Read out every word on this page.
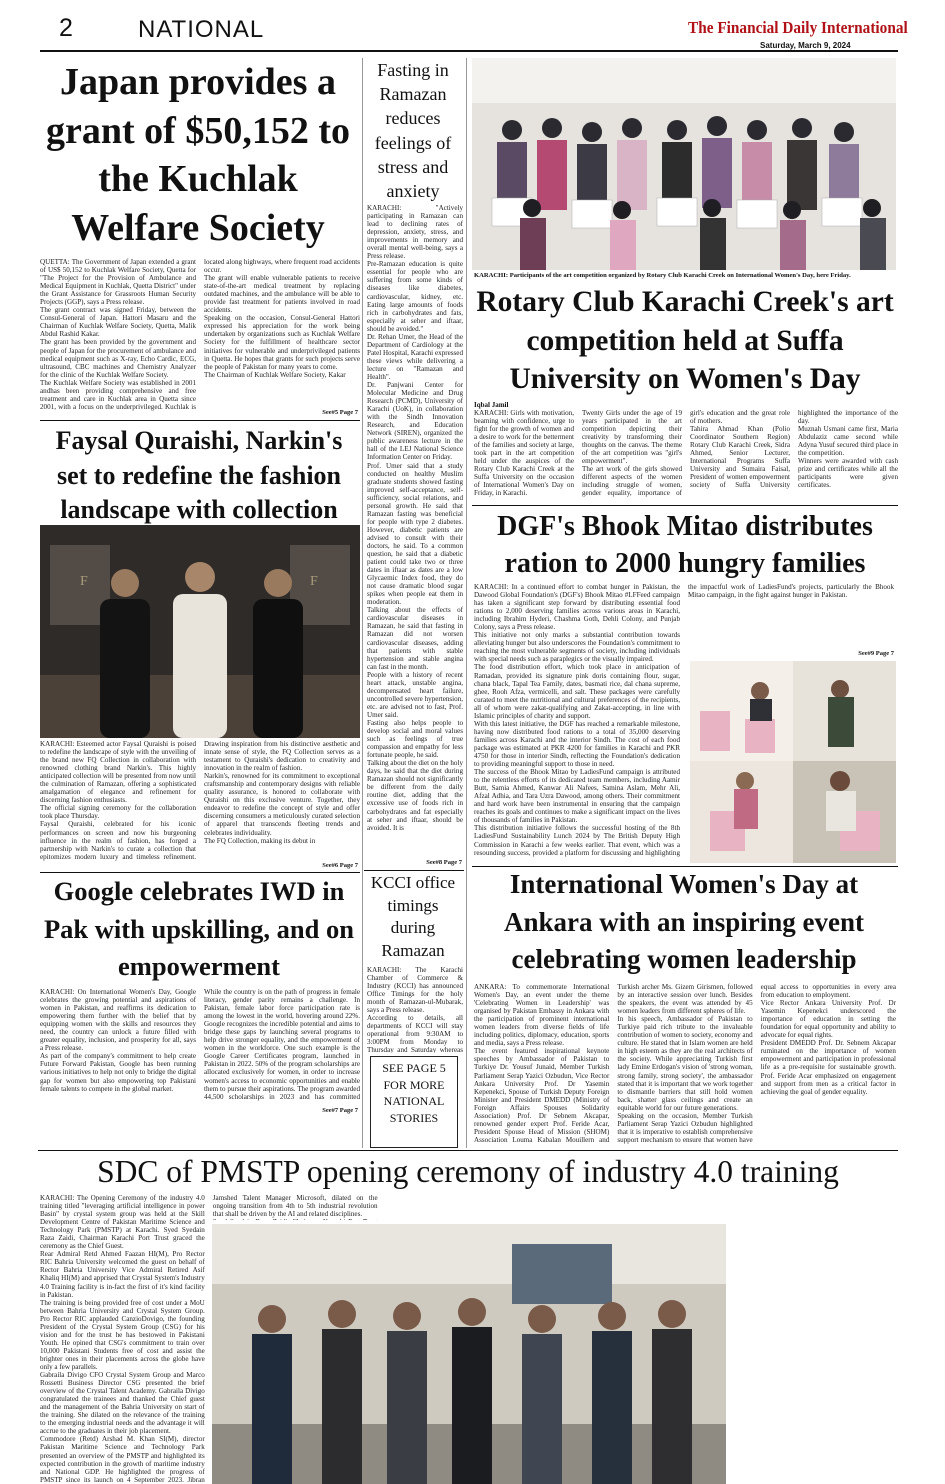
2	NATIONAL	The Financial Daily International
Saturday, March 9, 2024
Japan provides a grant of $50,152 to the Kuchlak Welfare Society

QUETTA: The Government of Japan extended a grant of US$ 50,152 to Kuchlak Welfare Society, Quetta for "The Project for the Provision of Ambulance and Medical Equipment in Kuchlak, Quetta District" under the Grant Assistance for Grassroots Human Security Projects (GGP), says a Press release.

The grant contract was signed Friday, between the Consul-General of Japan. Hattori Masaru and the Chairman of Kuchlak Welfare Society, Quetta, Malik Abdul Rashid Kakar.

The grant has been provided by the government and people of Japan for the procurement of ambulance and medical equipment such as X-ray, Echo Cardic, ECG, ultrasound, CBC machines and Chemistry Analyzer for the clinic of the Kuchlak Welfare Society.

The Kuchlak Welfare Society was established in 2001 andhas been providing comprehensive and free treatment and care in Kuchlak area in Quetta since 2001, with a focus on the underprivileged. Kuchlak is located along highways, where frequent road accidents occur.

The grant will enable vulnerable patients to receive state-of-the-art medical treatment by replacing outdated machines, and the ambulance will be able to provide fast treatment for patients involved in road accidents.

Speaking on the occasion, Consul-General Hattori expressed his appreciation for the work being undertaken by organizations such as Kuchlak Welfare Society for the fulfillment of healthcare sector initiatives for vulnerable and underprivileged patients in Quetta. He hopes that grants for such projects serve the people of Pakistan for many years to come.

The Chairman of Kuchlak Welfare Society, Kakar

See#5 Page 7
Faysal Quraishi, Narkin's set to redefine the fashion landscape with collection
F	F

KARACHI: Esteemed actor Faysal Quraishi is poised to redefine the landscape of style with the unveiling of the brand new FQ Collection in collaboration with renowned clothing brand Narkin's. This highly anticipated collection will be presented from now until the culmination of Ramazan, offering a sophisticated amalgamation of elegance and refinement for discerning fashion enthusiasts.

The official signing ceremony for the collaboration took place Thursday.

Faysal Quraishi, celebrated for his iconic performances on screen and now his burgeoning influence in the realm of fashion, has forged a partnership with Narkin's to curate a collection that epitomizes modern luxury and timeless refinement. Drawing inspiration from his distinctive aesthetic and innate sense of style, the FQ Collection serves as a testament to Quraishi's dedication to creativity and innovation in the realm of fashion.

Narkin's, renowned for its commitment to exceptional craftsmanship and contemporary designs with reliable quality assurance, is honored to collaborate with Quraishi on this exclusive venture. Together, they endeavor to redefine the concept of style and offer discerning consumers a meticulously curated selection of apparel that transcends fleeting trends and celebrates individuality.

The FQ Collection, making its debut in

See#6 Page 7
Fasting in Ramazan reduces feelings of stress and anxiety

KARACHI: "Actively participating in Ramazan can lead to declining rates of depression, anxiety, stress, and improvements in memory and overall mental well-being, says a Press release.

Pre-Ramazan education is quite essential for people who are suffering from some kinds of diseases like diabetes, cardiovascular, kidney, etc. Eating large amounts of foods rich in carbohydrates and fats, especially at seher and iftaar, should be avoided."

Dr. Rehan Umer, the Head of the Department of Cardiology at the Patel Hospital, Karachi expressed these views while delivering a lecture on "Ramazan and Health".

Dr. Panjwani Center for Molecular Medicine and Drug Research (PCMD), University of Karachi (UoK), in collaboration with the Sindh Innovation Research, and Education Network (SIREN), organized the public awareness lecture in the hall of the LEJ National Science Information Center on Friday.

Prof. Umer said that a study conducted on healthy Muslim graduate students showed fasting improved self-acceptance, self-sufficiency, social relations, and personal growth. He said that Ramazan fasting was beneficial for people with type 2 diabetes. However, diabetic patients are advised to consult with their doctors, he said. To a common question, he said that a diabetic patient could take two or three dates in iftaar as dates are a low Glycaemic Index food, they do not cause dramatic blood sugar spikes when people eat them in moderation.

Talking about the effects of cardiovascular diseases in Ramazan, he said that fasting in Ramazan did not worsen cardiovascular diseases, adding that patients with stable hypertension and stable angina can fast in the month.

People with a history of recent heart attack, unstable angina, decompensated heart failure, uncontrolled severe hypertension, etc. are advised not to fast, Prof. Umer said.

Fasting also helps people to develop social and moral values such as feelings of true compassion and empathy for less fortunate people, he said.

Talking about the diet on the holy days, he said that the diet during Ramazan should not significantly be different from the daily routine diet, adding that the excessive use of foods rich in carbohydrates and fat especially at seher and iftaar, should be avoided. It is

See#8 Page 7
KARACHI: Participants of the art competition organized by Rotary Club Karachi Creek on International Women's Day, here Friday.
Rotary Club Karachi Creek's art competition held at Suffa University on Women's Day
Iqbal Jamil

KARACHI: Girls with motivation, beaming with confidence, urge to fight for the growth of women and a desire to work for the betterment of the families and society at large, took part in the art competition held under the auspices of the Rotary Club Karachi Creek at the Suffa University on the occasion of International Women's Day on Friday, in Karachi.

Twenty Girls under the age of 19 years participated in the art competition depicting their creativity by transforming their thoughts on the canvas. The theme of the art competition was "girl's empowerment".

The art work of the girls showed different aspects of the women including struggle of women, gender equality, importance of girl's education and the great role of mothers.

Tahira Ahmad Khan (Polio Coordinator Southern Region) Rotary Club Karachi Creek, Sidra Ahmed, Senior Lecturer, International Programs Suffa University and Sumaira Faisal, President of women empowerment society of Suffa University highlighted the importance of the day.

Muznah Usmani came first, Maria Abdulaziz came second while Adyna Yusuf secured third place in the competition.

Winners were awarded with cash prize and certificates while all the participants were given certificates.

DGF's Bhook Mitao distributes ration to 2000 hungry families

KARACHI: In a continued effort to combat hunger in Pakistan, the Dawood Global Foundation's (DGF's) Bhook Mitao #LFFeed campaign has taken a significant step forward by distributing essential food rations to 2,000 deserving families across various areas in Karachi, including Ibrahim Hyderi, Chashma Goth, Dehli Colony, and Punjab Colony, says a Press release.

This initiative not only marks a substantial contribution towards alleviating hunger but also underscores the Foundation's commitment to reaching the most vulnerable segments of society, including individuals with special needs such as paraplegics or the visually impaired.

The food distribution effort, which took place in anticipation of Ramadan, provided its signature pink doris containing flour, sugar, chana black, Tapal Tea Family, dates, basmati rice, dal chana supreme, ghee, Rooh Afza, vermicelli, and salt. These packages were carefully curated to meet the nutritional and cultural preferences of the recipients, all of whom were zakat-qualifying and Zakat-accepting, in line with Islamic principles of charity and support.

With this latest initiative, the DGF has reached a remarkable milestone, having now distributed food rations to a total of 35,000 deserving families across Karachi and the interior Sindh. The cost of each food package was estimated at PKR 4200 for families in Karachi and PKR 4750 for those in interior Sindh, reflecting the Foundation's dedication to providing meaningful support to those in need.

The success of the Bhook Mitao by LadiesFund campaign is attributed to the relentless efforts of its dedicated team members, including Aamir Butt, Samia Ahmed, Kanwar Ali Nafees, Samina Aslam, Mehr Ali, Afzal Adhia, and Tara Uzra Dawood, among others. Their commitment and hard work have been instrumental in ensuring that the campaign reaches its goals and continues to make a significant impact on the lives of thousands of families in Pakistan.

This distribution initiative follows the successful hosting of the 8th LadiesFund Sustainability Lunch 2024 by The British Deputy High Commission in Karachi a few weeks earlier. That event, which was a resounding success, provided a platform for discussing and highlighting the impactful work of LadiesFund's projects, particularly the Bhook Mitao campaign, in the fight against hunger in Pakistan.

See#9 Page 7
Google celebrates IWD in Pak with upskilling, and on empowerment

KARACHI: On International Women's Day, Google celebrates the growing potential and aspirations of women in Pakistan, and reaffirms its dedication to empowering them further with the belief that by equipping women with the skills and resources they need, the country can unlock a future filled with greater equality, inclusion, and prosperity for all, says a Press release.

As part of the company's commitment to help create Future Forward Pakistan, Google has been running various initiatives to help not only to bridge the digital gap for women but also empowering top Pakistani female talents to compete in the global market.

While the country is on the path of progress in female literacy, gender parity remains a challenge. In Pakistan, female labor force participation rate is among the lowest in the world, hovering around 22%. Google recognizes the incredible potential and aims to bridge these gaps by launching several programs to help drive stronger equality, and the empowerment of women in the workforce. One such example is the Google Career Certificates program, launched in Pakistan in 2022. 50% of the program scholarships are allocated exclusively for women, in order to increase women's access to economic opportunities and enable them to pursue their aspirations. The program awarded 44,500 scholarships in 2023 and has committed

See#7 Page 7
KCCI office timings during Ramazan

KARACHI: The Karachi Chamber of Commerce & Industry (KCCI) has announced Office Timings for the holy month of Ramazan-ul-Mubarak, says a Press release.

According to details, all departments of KCCI will stay operational from 9:30AM to 3:00PM from Monday to Thursday and Saturday whereas

SEE PAGE 5 FOR MORE NATIONAL STORIES
International Women's Day at Ankara with an inspiring event celebrating women leadership

ANKARA: To commemorate International Women's Day, an event under the theme 'Celebrating Women in Leadership' was organised by Pakistan Embassy in Ankara with the participation of prominent international women leaders from diverse fields of life including politics, diplomacy, education, sports and media, says a Press release.

The event featured inspirational keynote speeches by Ambassador of Pakistan to Turkiye Dr. Yousuf Junaid, Member Turkish Parliament Serap Yazici Ozbudun, Vice Rector Ankara University Prof. Dr Yasemin Kepenekci, Spouse of Turkish Deputy Foreign Minister and President DMEDD (Ministry of Foreign Affairs Spouses Solidarity Association) Prof. Dr Sebnem Akcapar, renowned gender expert Prof. Feride Acar, President Spouse Head of Mission (SHOM) Association Louma Kabalan Mouillern and Turkish archer Ms. Gizem Girismen, followed by an interactive session over lunch. Besides the speakers, the event was attended by 45 women leaders from different spheres of life.

In his speech, Ambassador of Pakistan to Turkiye paid rich tribute to the invaluable contribution of women to society, economy and culture. He stated that in Islam women are held in high esteem as they are the real architects of the society. While appreciating Turkish first lady Emine Erdogan's vision of 'strong woman, strong family, strong society', the ambassador stated that it is important that we work together to dismantle barriers that still hold women back, shatter glass ceilings and create an equitable world for our future generations.

Speaking on the occasion, Member Turkish Parliament Serap Yazici Ozbudun highlighted that it is imperative to establish comprehensive support mechanism to ensure that women have equal access to opportunities in every area from education to employment.

Vice Rector Ankara University Prof. Dr Yasemin Kepenekci underscored the importance of education in setting the foundation for equal opportunity and ability to advocate for equal rights.

President DMEDD Prof. Dr. Sebnem Akcapar ruminated on the importance of women empowerment and participation in professional life as a pre-requisite for sustainable growth. Prof. Feride Acar emphasized on engagement and support from men as a critical factor in achieving the goal of gender equality.

SDC of PMSTP opening ceremony of industry 4.0 training

KARACHI: The Opening Ceremony of the industry 4.0 training titled "leveraging artificial intelligence in power Basin" by crystal system group was held at the Skill Development Centre of Pakistan Maritime Science and Technology Park (PMSTP) at Karachi. Syed Syedain Raza Zaidi, Chairman Karachi Port Trust graced the ceremony as the Chief Guest.

Rear Admiral Retd Ahmed Faazan HI(M), Pro Rector RIC Bahria University welcomed the guest on behalf of Rector Bahria University Vice Admiral Retired Asif Khaliq HI(M) and apprised that Crystal System's Industry 4.0 Training facility is in-fact the first of it's kind facility in Pakistan.

The training is being provided free of cost under a MoU between Bahria University and Crystal System Group. Pro Rector RIC applauded CanzioDovigo, the founding President of the Crystal System Group (CSG) for his vision and for the trust he has bestowed in Pakistani Youth. He opined that CSG's commitment to train over 10,000 Pakistani Students free of cost and assist the brighter ones in their placements across the globe have only a few parallels.

Gabraila Divigo CFO Crystal System Group and Marco Rossetti Business Director CSG presented the brief overview of the Crystal Talent Academy. Gabraila Divigo congratulated the trainees and thanked the Chief guest and the management of the Bahria University on start of the training. She dilated on the relevance of the training to the emerging industrial needs and the advantage it will accrue to the graduates in their job placement.

Commodore (Retd) Arshad M. Khan SI(M), director Pakistan Maritime Science and Technology Park presented an overview of the PMSTP and highlighted its expected contribution in the growth of maritime industry and National GDP. He highlighted the progress of PMSTP since its launch on 4 September 2023. Jibran Jamshed Talent Manager Microsoft, dilated on the ongoing transition from 4th to 5th industrial revolution that shall be driven by the AI and related disciplines.
